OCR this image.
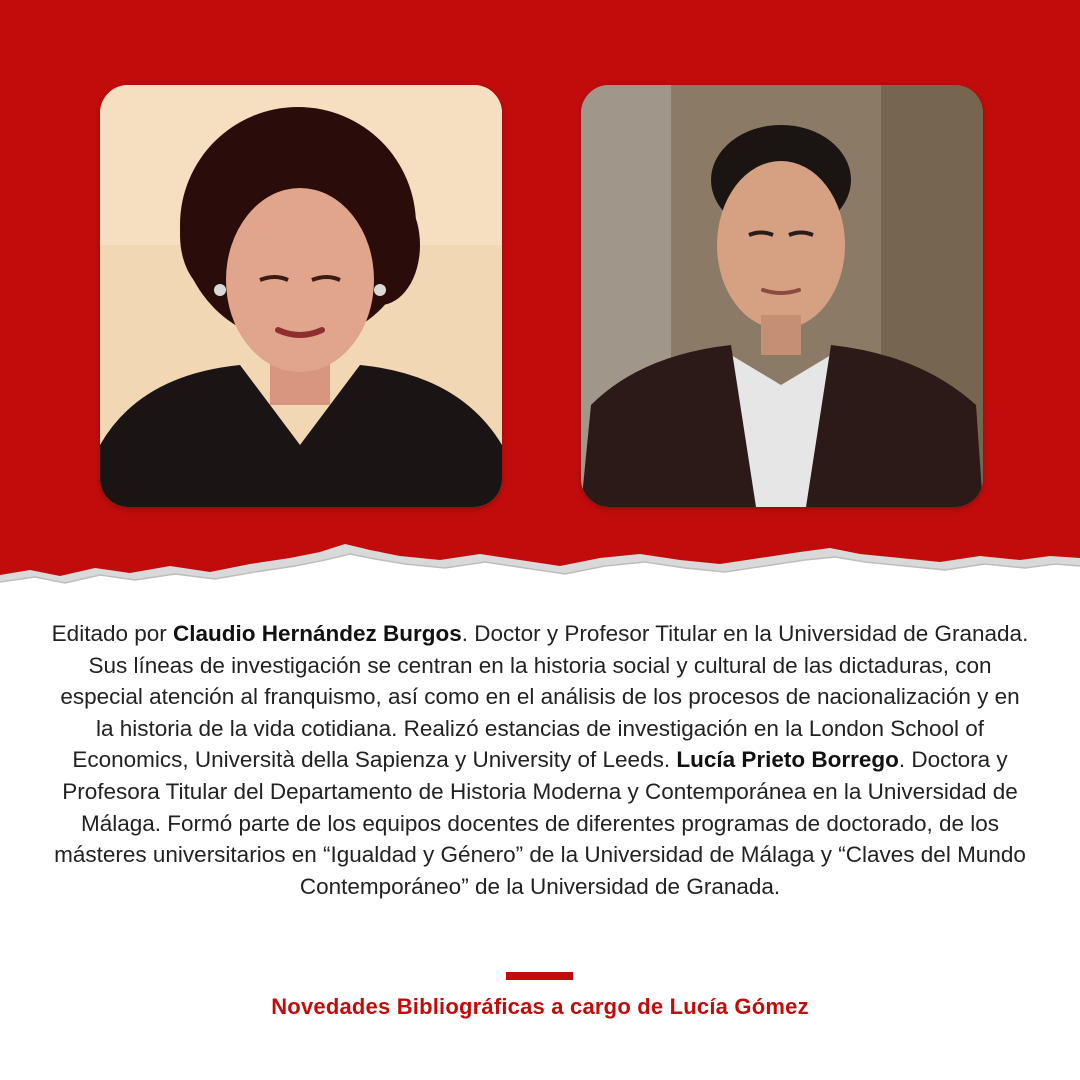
Editado por Claudio Hernández Burgos. Doctor y Profesor Titular en la Universidad de Granada. Sus líneas de investigación se centran en la historia social y cultural de las dictaduras, con especial atención al franquismo, así como en el análisis de los procesos de nacionalización y en la historia de la vida cotidiana. Realizó estancias de investigación en la London School of Economics, Università della Sapienza y University of Leeds. Lucía Prieto Borrego. Doctora y Profesora Titular del Departamento de Historia Moderna y Contemporánea en la Universidad de Málaga. Formó parte de los equipos docentes de diferentes programas de doctorado, de los másteres universitarios en “Igualdad y Género” de la Universidad de Málaga y “Claves del Mundo Contemporáneo” de la Universidad de Granada.

Novedades Bibliográficas a cargo de Lucía Gómez
